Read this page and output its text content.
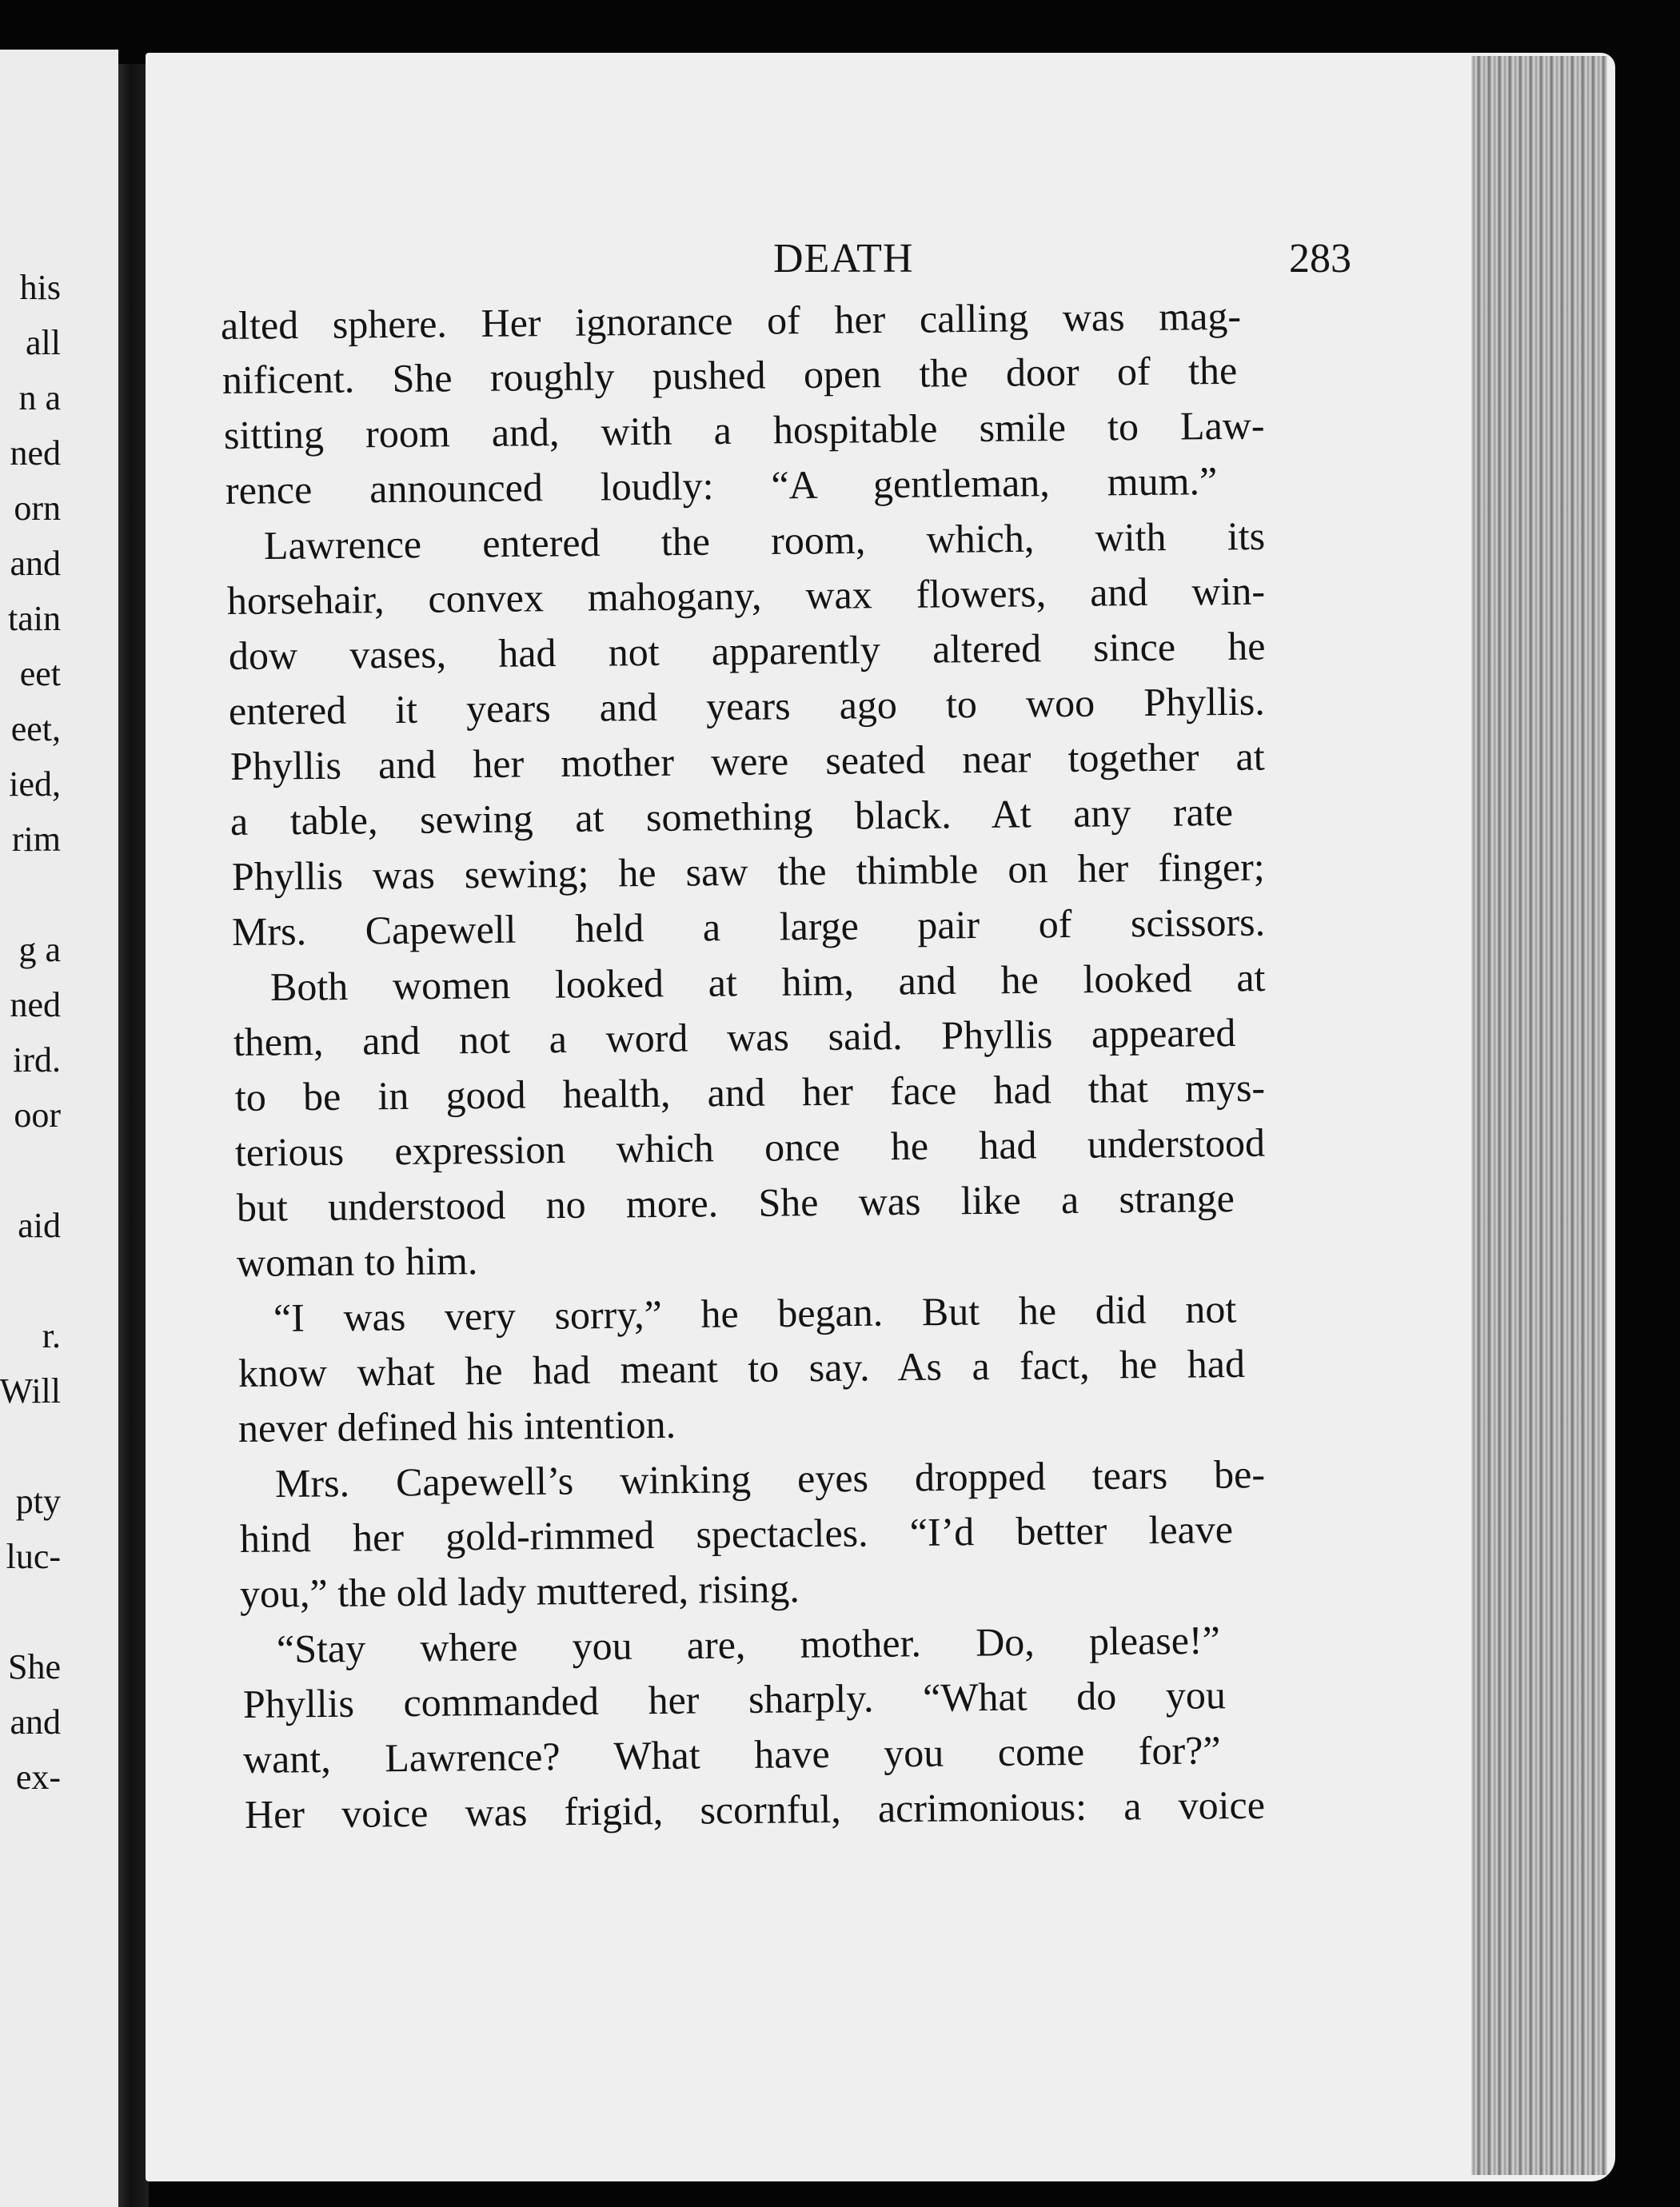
his
all
n a
ned
orn
and
tain
eet
eet,
ied,
rim
g a
ned
ird.
oor
aid
r.
Will
pty
luc-
She
and
ex-
DEATH	283
alted sphere. Her ignorance of her calling was mag-
nificent. She roughly pushed open the door of the
sitting room and, with a hospitable smile to Law-
rence announced loudly: “A gentleman, mum.”
Lawrence entered the room, which, with its
horsehair, convex mahogany, wax flowers, and win-
dow vases, had not apparently altered since he
entered it years and years ago to woo Phyllis.
Phyllis and her mother were seated near together at
a table, sewing at something black. At any rate
Phyllis was sewing; he saw the thimble on her finger;
Mrs. Capewell held a large pair of scissors.
Both women looked at him, and he looked at
them, and not a word was said. Phyllis appeared
to be in good health, and her face had that mys-
terious expression which once he had understood
but understood no more. She was like a strange
woman to him.
“I was very sorry,” he began. But he did not
know what he had meant to say. As a fact, he had
never defined his intention.
Mrs. Capewell’s winking eyes dropped tears be-
hind her gold-rimmed spectacles. “I’d better leave
you,” the old lady muttered, rising.
“Stay where you are, mother. Do, please!”
Phyllis commanded her sharply. “What do you
want, Lawrence? What have you come for?”
Her voice was frigid, scornful, acrimonious: a voice
